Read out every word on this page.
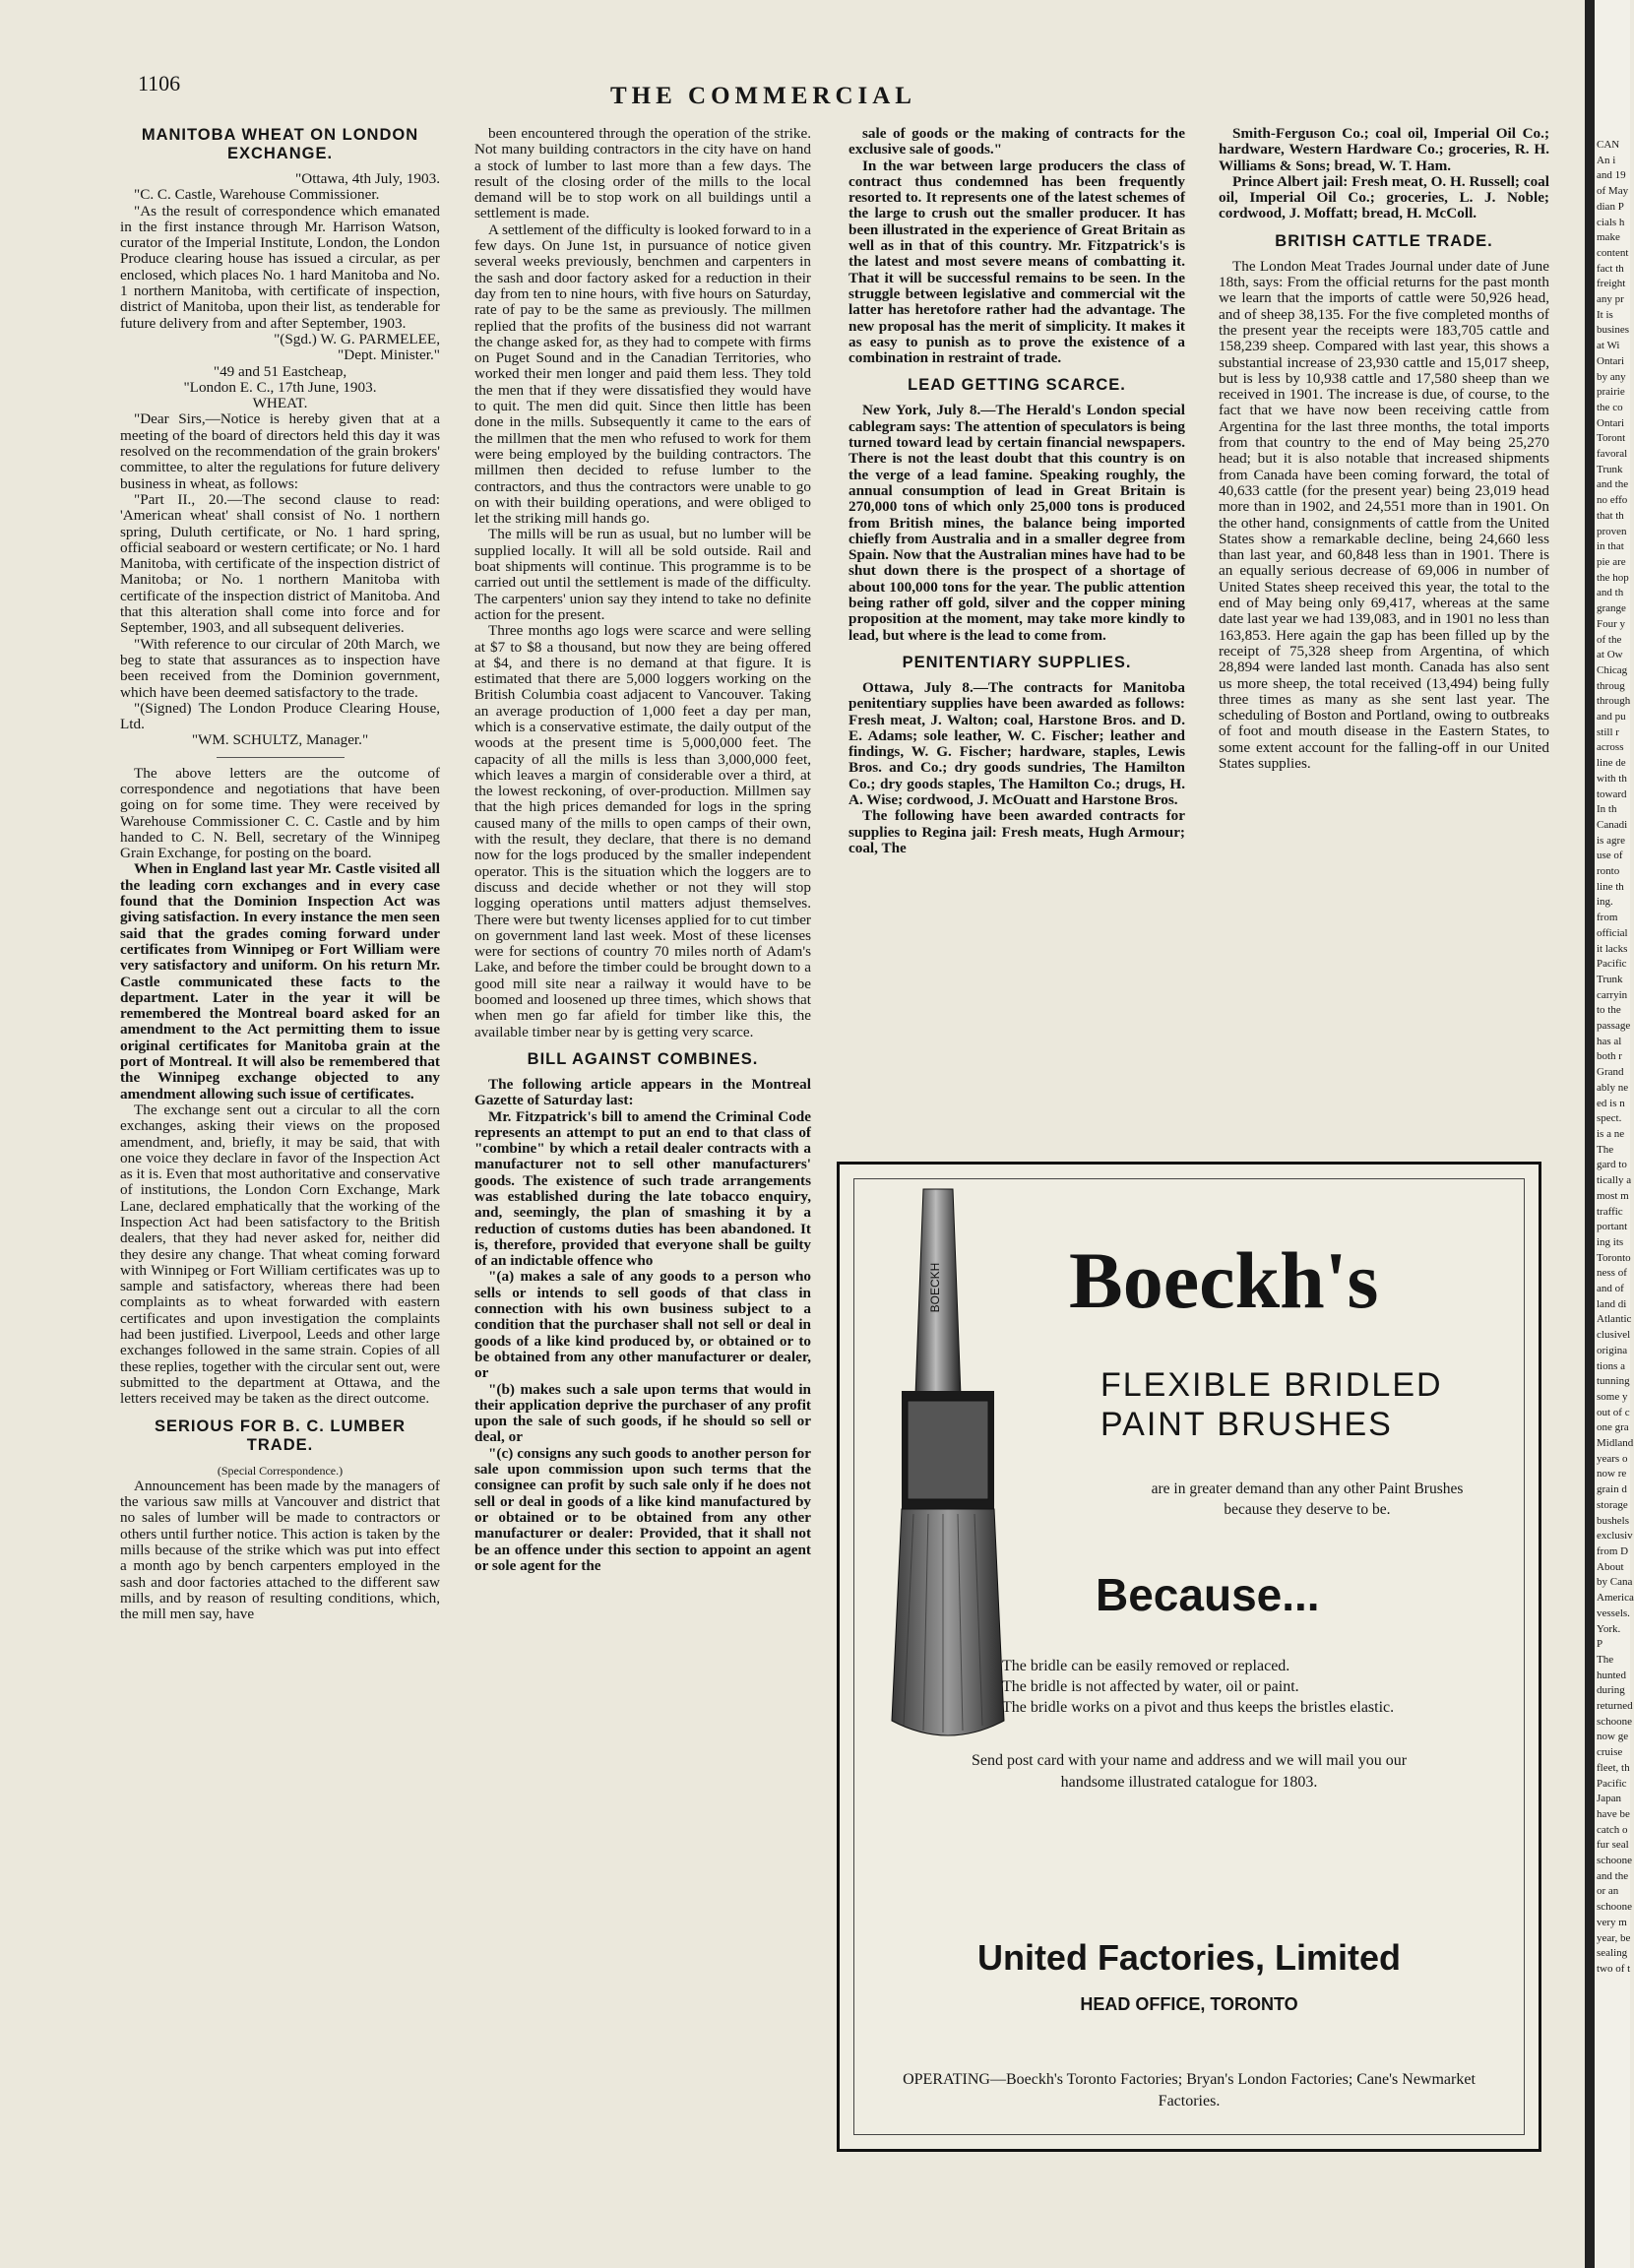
1106	THE COMMERCIAL
MANITOBA WHEAT ON LONDON EXCHANGE.

"Ottawa, 4th July, 1903.

"C. C. Castle, Warehouse Commissioner.

"As the result of correspondence which emanated in the first instance through Mr. Harrison Watson, curator of the Imperial Institute, London, the London Produce clearing house has issued a circular, as per enclosed, which places No. 1 hard Manitoba and No. 1 northern Manitoba, with certificate of inspection, district of Manitoba, upon their list, as tenderable for future delivery from and after September, 1903.

"(Sgd.) W. G. PARMELEE,

"Dept. Minister."

"49 and 51 Eastcheap,

"London E. C., 17th June, 1903.

WHEAT.

"Dear Sirs,—Notice is hereby given that at a meeting of the board of directors held this day it was resolved on the recommendation of the grain brokers' committee, to alter the regulations for future delivery business in wheat, as follows:

"Part II., 20.—The second clause to read: 'American wheat' shall consist of No. 1 northern spring, Duluth certificate, or No. 1 hard spring, official seaboard or western certificate; or No. 1 hard Manitoba, with certificate of the inspection district of Manitoba; or No. 1 northern Manitoba with certificate of the inspection district of Manitoba. And that this alteration shall come into force and for September, 1903, and all subsequent deliveries.

"With reference to our circular of 20th March, we beg to state that assurances as to inspection have been received from the Dominion government, which have been deemed satisfactory to the trade.

"(Signed) The London Produce Clearing House, Ltd.

"WM. SCHULTZ, Manager."

The above letters are the outcome of correspondence and negotiations that have been going on for some time. They were received by Warehouse Commissioner C. C. Castle and by him handed to C. N. Bell, secretary of the Winnipeg Grain Exchange, for posting on the board.

When in England last year Mr. Castle visited all the leading corn exchanges and in every case found that the Dominion Inspection Act was giving satisfaction. In every instance the men seen said that the grades coming forward under certificates from Winnipeg or Fort William were very satisfactory and uniform. On his return Mr. Castle communicated these facts to the department. Later in the year it will be remembered the Montreal board asked for an amendment to the Act permitting them to issue original certificates for Manitoba grain at the port of Montreal. It will also be remembered that the Winnipeg exchange objected to any amendment allowing such issue of certificates.

The exchange sent out a circular to all the corn exchanges, asking their views on the proposed amendment, and, briefly, it may be said, that with one voice they declare in favor of the Inspection Act as it is. Even that most authoritative and conservative of institutions, the London Corn Exchange, Mark Lane, declared emphatically that the working of the Inspection Act had been satisfactory to the British dealers, that they had never asked for, neither did they desire any change. That wheat coming forward with Winnipeg or Fort William certificates was up to sample and satisfactory, whereas there had been complaints as to wheat forwarded with eastern certificates and upon investigation the complaints had been justified. Liverpool, Leeds and other large exchanges followed in the same strain. Copies of all these replies, together with the circular sent out, were submitted to the department at Ottawa, and the letters received may be taken as the direct outcome.

SERIOUS FOR B. C. LUMBER TRADE.

(Special Correspondence.)

Announcement has been made by the managers of the various saw mills at Vancouver and district that no sales of lumber will be made to contractors or others until further notice. This action is taken by the mills because of the strike which was put into effect a month ago by bench carpenters employed in the sash and door factories attached to the different saw mills, and by reason of resulting conditions, which, the mill men say, have

been encountered through the operation of the strike. Not many building contractors in the city have on hand a stock of lumber to last more than a few days. The result of the closing order of the mills to the local demand will be to stop work on all buildings until a settlement is made.

A settlement of the difficulty is looked forward to in a few days. On June 1st, in pursuance of notice given several weeks previously, benchmen and carpenters in the sash and door factory asked for a reduction in their day from ten to nine hours, with five hours on Saturday, rate of pay to be the same as previously. The millmen replied that the profits of the business did not warrant the change asked for, as they had to compete with firms on Puget Sound and in the Canadian Territories, who worked their men longer and paid them less. They told the men that if they were dissatisfied they would have to quit. The men did quit. Since then little has been done in the mills. Subsequently it came to the ears of the millmen that the men who refused to work for them were being employed by the building contractors. The millmen then decided to refuse lumber to the contractors, and thus the contractors were unable to go on with their building operations, and were obliged to let the striking mill hands go.

The mills will be run as usual, but no lumber will be supplied locally. It will all be sold outside. Rail and boat shipments will continue. This programme is to be carried out until the settlement is made of the difficulty. The carpenters' union say they intend to take no definite action for the present.

Three months ago logs were scarce and were selling at $7 to $8 a thousand, but now they are being offered at $4, and there is no demand at that figure. It is estimated that there are 5,000 loggers working on the British Columbia coast adjacent to Vancouver. Taking an average production of 1,000 feet a day per man, which is a conservative estimate, the daily output of the woods at the present time is 5,000,000 feet. The capacity of all the mills is less than 3,000,000 feet, which leaves a margin of considerable over a third, at the lowest reckoning, of over-production. Millmen say that the high prices demanded for logs in the spring caused many of the mills to open camps of their own, with the result, they declare, that there is no demand now for the logs produced by the smaller independent operator. This is the situation which the loggers are to discuss and decide whether or not they will stop logging operations until matters adjust themselves. There were but twenty licenses applied for to cut timber on government land last week. Most of these licenses were for sections of country 70 miles north of Adam's Lake, and before the timber could be brought down to a good mill site near a railway it would have to be boomed and loosened up three times, which shows that when men go far afield for timber like this, the available timber near by is getting very scarce.

BILL AGAINST COMBINES.

The following article appears in the Montreal Gazette of Saturday last:

Mr. Fitzpatrick's bill to amend the Criminal Code represents an attempt to put an end to that class of "combine" by which a retail dealer contracts with a manufacturer not to sell other manufacturers' goods. The existence of such trade arrangements was established during the late tobacco enquiry, and, seemingly, the plan of smashing it by a reduction of customs duties has been abandoned. It is, therefore, provided that everyone shall be guilty of an indictable offence who

"(a) makes a sale of any goods to a person who sells or intends to sell goods of that class in connection with his own business subject to a condition that the purchaser shall not sell or deal in goods of a like kind produced by, or obtained or to be obtained from any other manufacturer or dealer, or

"(b) makes such a sale upon terms that would in their application deprive the purchaser of any profit upon the sale of such goods, if he should so sell or deal, or

"(c) consigns any such goods to another person for sale upon commission upon such terms that the consignee can profit by such sale only if he does not sell or deal in goods of a like kind manufactured by or obtained or to be obtained from any other manufacturer or dealer: Provided, that it shall not be an offence under this section to appoint an agent or sole agent for the

sale of goods or the making of contracts for the exclusive sale of goods."

In the war between large producers the class of contract thus condemned has been frequently resorted to. It represents one of the latest schemes of the large to crush out the smaller producer. It has been illustrated in the experience of Great Britain as well as in that of this country. Mr. Fitzpatrick's is the latest and most severe means of combatting it. That it will be successful remains to be seen. In the struggle between legislative and commercial wit the latter has heretofore rather had the advantage. The new proposal has the merit of simplicity. It makes it as easy to punish as to prove the existence of a combination in restraint of trade.

LEAD GETTING SCARCE.

New York, July 8.—The Herald's London special cablegram says: The attention of speculators is being turned toward lead by certain financial newspapers. There is not the least doubt that this country is on the verge of a lead famine. Speaking roughly, the annual consumption of lead in Great Britain is 270,000 tons of which only 25,000 tons is produced from British mines, the balance being imported chiefly from Australia and in a smaller degree from Spain. Now that the Australian mines have had to be shut down there is the prospect of a shortage of about 100,000 tons for the year. The public attention being rather off gold, silver and the copper mining proposition at the moment, may take more kindly to lead, but where is the lead to come from.

PENITENTIARY SUPPLIES.

Ottawa, July 8.—The contracts for Manitoba penitentiary supplies have been awarded as follows: Fresh meat, J. Walton; coal, Harstone Bros. and D. E. Adams; sole leather, W. C. Fischer; leather and findings, W. G. Fischer; hardware, staples, Lewis Bros. and Co.; dry goods sundries, The Hamilton Co.; dry goods staples, The Hamilton Co.; drugs, H. A. Wise; cordwood, J. McOuatt and Harstone Bros.

The following have been awarded contracts for supplies to Regina jail: Fresh meats, Hugh Armour; coal, The

Smith-Ferguson Co.; coal oil, Imperial Oil Co.; hardware, Western Hardware Co.; groceries, R. H. Williams & Sons; bread, W. T. Ham.

Prince Albert jail: Fresh meat, O. H. Russell; coal oil, Imperial Oil Co.; groceries, L. J. Noble; cordwood, J. Moffatt; bread, H. McColl.

BRITISH CATTLE TRADE.

The London Meat Trades Journal under date of June 18th, says: From the official returns for the past month we learn that the imports of cattle were 50,926 head, and of sheep 38,135. For the five completed months of the present year the receipts were 183,705 cattle and 158,239 sheep. Compared with last year, this shows a substantial increase of 23,930 cattle and 15,017 sheep, but is less by 10,938 cattle and 17,580 sheep than we received in 1901. The increase is due, of course, to the fact that we have now been receiving cattle from Argentina for the last three months, the total imports from that country to the end of May being 25,270 head; but it is also notable that increased shipments from Canada have been coming forward, the total of 40,633 cattle (for the present year) being 23,019 head more than in 1902, and 24,551 more than in 1901. On the other hand, consignments of cattle from the United States show a remarkable decline, being 24,660 less than last year, and 60,848 less than in 1901. There is an equally serious decrease of 69,006 in number of United States sheep received this year, the total to the end of May being only 69,417, whereas at the same date last year we had 139,083, and in 1901 no less than 163,853. Here again the gap has been filled up by the receipt of 75,328 sheep from Argentina, of which 28,894 were landed last month. Canada has also sent us more sheep, the total received (13,494) being fully three times as many as she sent last year. The scheduling of Boston and Portland, owing to outbreaks of foot and mouth disease in the Eastern States, to some extent account for the falling-off in our United States supplies.

BOECKH Boeckh's
FLEXIBLE BRIDLED
PAINT BRUSHES
are in greater demand than any other Paint Brushes because they deserve to be.
Because...
The bridle can be easily removed or replaced.
The bridle is not affected by water, oil or paint.
The bridle works on a pivot and thus keeps the bristles elastic.
Send post card with your name and address and we will mail you our handsome illustrated catalogue for 1803.
United Factories, Limited
HEAD OFFICE, TORONTO
OPERATING—Boeckh's Toronto Factories; Bryan's London Factories; Cane's Newmarket Factories.
CAN
An i
and 19
of May
dian P
cials h
make
content
fact th
freight
any pr
It is
busines
at Wi
Ontari
by any
prairie
the co
Ontari
Toront
favoral
Trunk
and the
no effo
that th
proven
in that
pie are
the hop
and th
grange
Four y
of the
at Ow
Chicag
throug
through
and pu
still r
across
line de
with th
toward
In th
Canadi
is agre
use of
ronto
line th
ing.
from
official
it lacks
Pacific
Trunk
carryin
to the
passage
has al
both r
Grand
ably ne
ed is n
spect.
is a ne
The
gard to
tically a
most m
traffic
portant
ing its
Toronto
ness of
and of
land di
Atlantic
clusivel
origina
tions a
tunning
some y
out of c
one gra
Midland
years o
now re
grain d
storage
bushels
exclusiv
from D
About
by Cana
America
vessels.
York.
P
The
hunted
during
returned
schoone
now ge
cruise
fleet, th
Pacific
Japan
have be
catch o
fur seal
schoone
and the
or an
schoone
very m
year, be
sealing
two of t
